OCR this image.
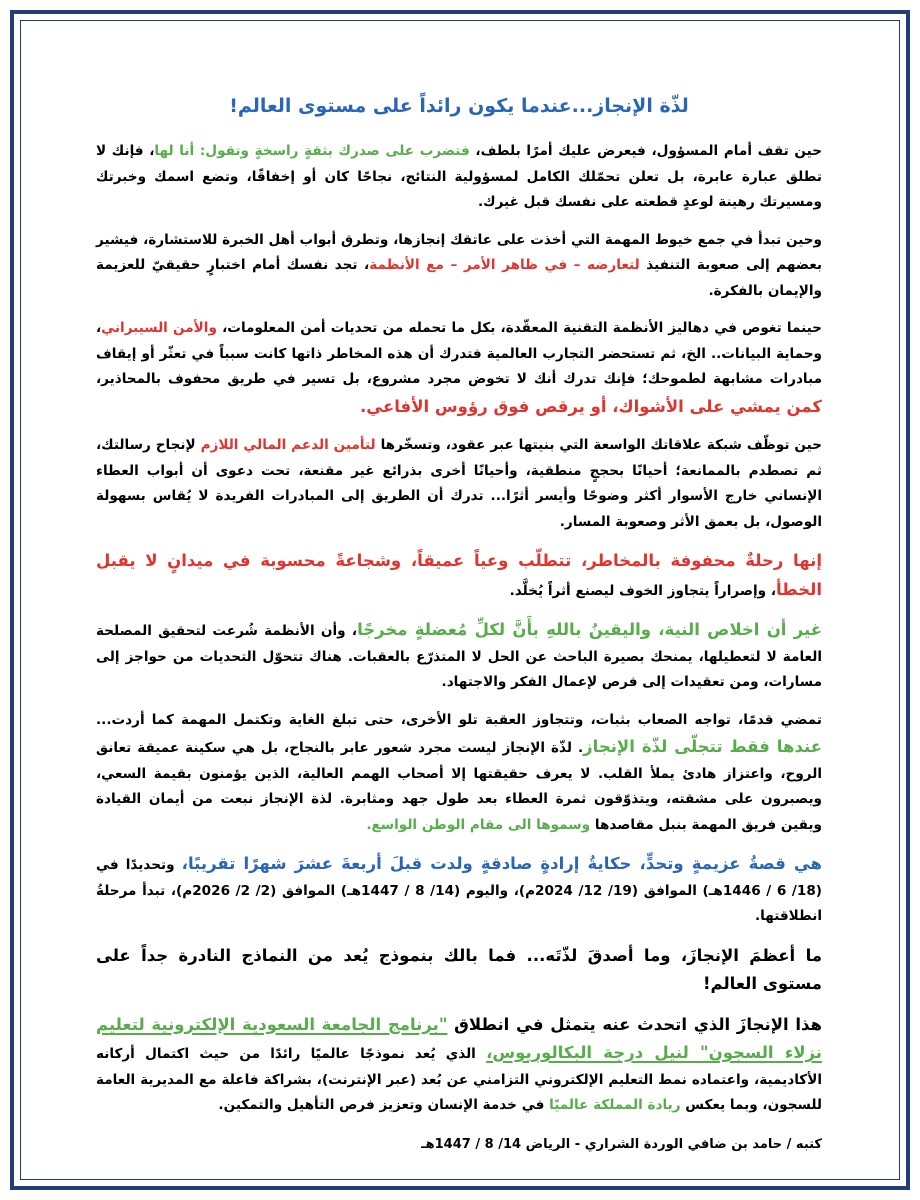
لذّة الإنجاز...عندما يكون رائداً على مستوى العالم!

حين تقف أمام المسؤول، فيعرض عليك أمرًا بلطف، فتضرب على صدرك بثقةٍ راسخةٍ وتقول: أنا لها، فإنك لا تطلق عبارة عابرة، بل تعلن تحمّلك الكامل لمسؤولية النتائج، نجاحًا كان أو إخفاقًا، وتضع اسمك وخبرتك ومسيرتك رهينة لوعدٍ قطعته على نفسك قبل غيرك.

وحين تبدأ في جمع خيوط المهمة التي أخذت على عاتقك إنجازها، وتطرق أبواب أهل الخبرة للاستشارة، فيشير بعضهم إلى صعوبة التنفيذ لتعارضه – في ظاهر الأمر – مع الأنظمة، تجد نفسك أمام اختبارٍ حقيقيّ للعزيمة والإيمان بالفكرة.

حينما تغوص في دهاليز الأنظمة التقنية المعقّدة، بكل ما تحمله من تحديات أمن المعلومات، والأمن السيبراني، وحماية البيانات.. الخ، ثم تستحضر التجارب العالمية فتدرك أن هذه المخاطر ذاتها كانت سبباً في تعثّر أو إيقاف مبادرات مشابهة لطموحك؛ فإنك تدرك أنك لا تخوض مجرد مشروع، بل تسير في طريق محفوف بالمحاذير، كمن يمشي على الأشواك، أو يرقص فوق رؤوس الأفاعي.

حين توظّف شبكة علاقاتك الواسعة التي بنيتها عبر عقود، وتسخّرها لتأمين الدعم المالي اللازم لإنجاح رسالتك، ثم تصطدم بالممانعة؛ أحيانًا بحججٍ منطقية، وأحيانًا أخرى بذرائع غير مقنعة، تحت دعوى أن أبواب العطاء الإنساني خارج الأسوار أكثر وضوحًا وأيسر أثرًا... تدرك أن الطريق إلى المبادرات الفريدة لا يُقاس بسهولة الوصول، بل بعمق الأثر وصعوبة المسار.

إنها رحلةٌ محفوفة بالمخاطر، تتطلّب وعياً عميقاً، وشجاعةً محسوبة في ميدانٍ لا يقبل الخطأ، وإصراراً يتجاوز الخوف ليصنع أثراً يُخلَّد.

غير أن اخلاص النية، واليقينُ باللهِ بأَنَّ لكلِّ مُعضلةٍ مخرجًا، وأن الأنظمة شُرعت لتحقيق المصلحة العامة لا لتعطيلها، يمنحك بصيرة الباحث عن الحل لا المتذرّع بالعقبات. هناك تتحوّل التحديات من حواجز إلى مسارات، ومن تعقيدات إلى فرص لإعمال الفكر والاجتهاد.

تمضي قدمًا، تواجه الصعاب بثبات، وتتجاوز العقبة تلو الأخرى، حتى تبلغ الغاية وتكتمل المهمة كما أردت... عندها فقط تتجلّى لذّة الإنجاز. لذّة الإنجاز ليست مجرد شعور عابر بالنجاح، بل هي سكينة عميقة تعانق الروح، واعتزاز هادئ يملأ القلب. لا يعرف حقيقتها إلا أصحاب الهمم العالية، الذين يؤمنون بقيمة السعي، ويصبرون على مشقته، ويتذوّقون ثمرة العطاء بعد طول جهد ومثابرة. لذة الإنجاز نبعت من أيمان القيادة ويقين فريق المهمة بنبل مقاصدها وسموها الى مقام الوطن الواسع.

هي قصةُ عزيمةٍ وتحدٍّ، حكايةُ إرادةٍ صادقةٍ ولدت قبلَ أربعةَ عشرَ شهرًا تقريبًا، وتحديدًا في (18/ 6 / 1446هـ) الموافق (19/ 12/ 2024م)، واليوم (14/ 8 / 1447هـ) الموافق (2/ 2/ 2026م)، تبدأ مرحلةُ انطلاقتها.

ما أعظمَ الإنجازَ، وما أصدقَ لذّتَه... فما بالك بنموذج يُعد من النماذج النادرة جداً على مستوى العالم!

هذا الإنجازَ الذي اتحدث عنه يتمثل في انطلاق "برنامج الجامعة السعودية الإلكترونية لتعليم نزلاء السجون" لنيل درجة البكالوريوس، الذي يُعد نموذجًا عالميًا رائدًا من حيث اكتمال أركانه الأكاديمية، واعتماده نمط التعليم الإلكتروني التزامني عن بُعد (عبر الإنترنت)، بشراكة فاعلة مع المديرية العامة للسجون، وبما يعكس ريادة المملكة عالميًا في خدمة الإنسان وتعزيز فرص التأهيل والتمكين.

كتبه / حامد بن ضافي الوردة الشراري - الرياض 14/ 8 / 1447هـ
